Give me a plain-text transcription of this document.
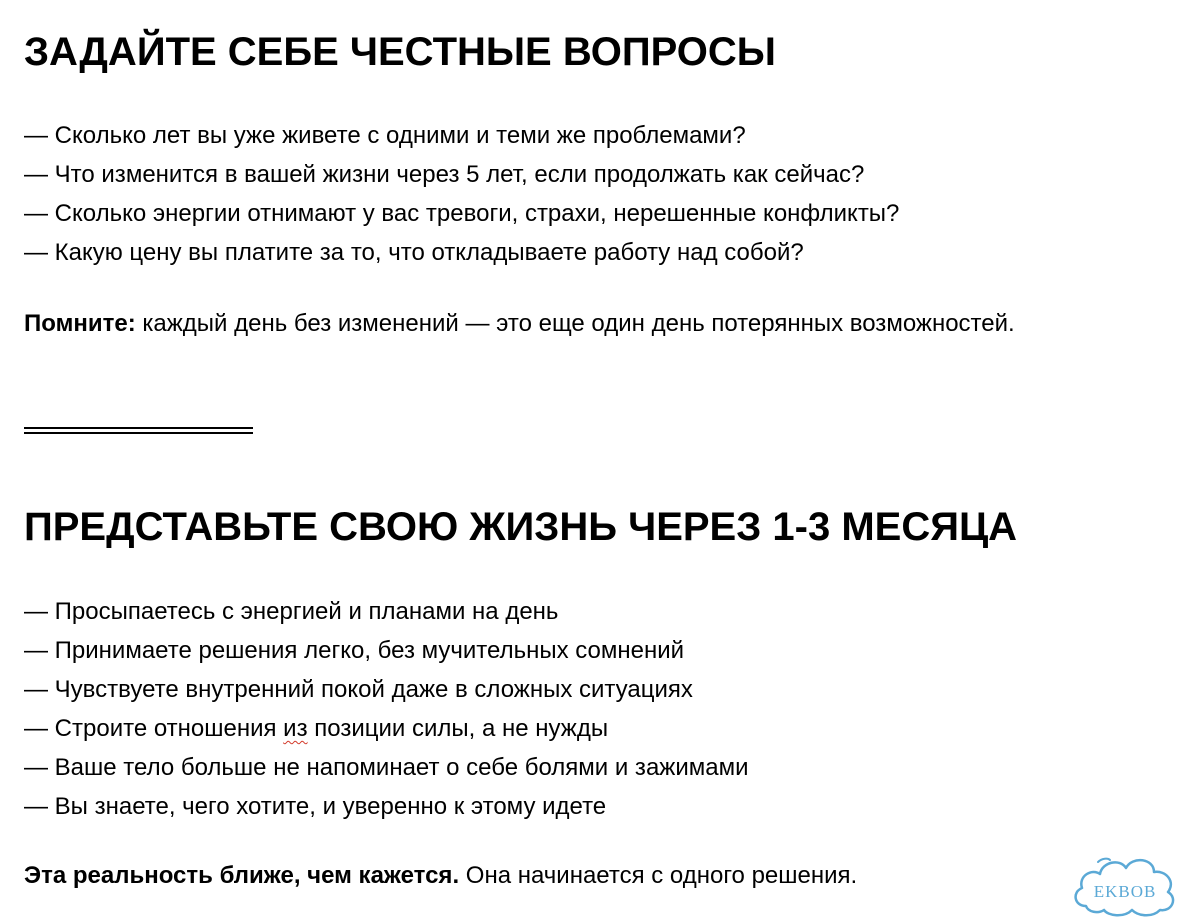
ЗАДАЙТЕ СЕБЕ ЧЕСТНЫЕ ВОПРОСЫ
— Сколько лет вы уже живете с одними и теми же проблемами?
— Что изменится в вашей жизни через 5 лет, если продолжать как сейчас?
— Сколько энергии отнимают у вас тревоги, страхи, нерешенные конфликты?
— Какую цену вы платите за то, что откладываете работу над собой?

Помните: каждый день без изменений — это еще один день потерянных возможностей.

ПРЕДСТАВЬТЕ СВОЮ ЖИЗНЬ ЧЕРЕЗ 1-3 МЕСЯЦА
— Просыпаетесь с энергией и планами на день
— Принимаете решения легко, без мучительных сомнений
— Чувствуете внутренний покой даже в сложных ситуациях
— Строите отношения из позиции силы, а не нужды
— Ваше тело больше не напоминает о себе болями и зажимами
— Вы знаете, чего хотите, и уверенно к этому идете

Эта реальность ближе, чем кажется. Она начинается с одного решения.

EKBOB
